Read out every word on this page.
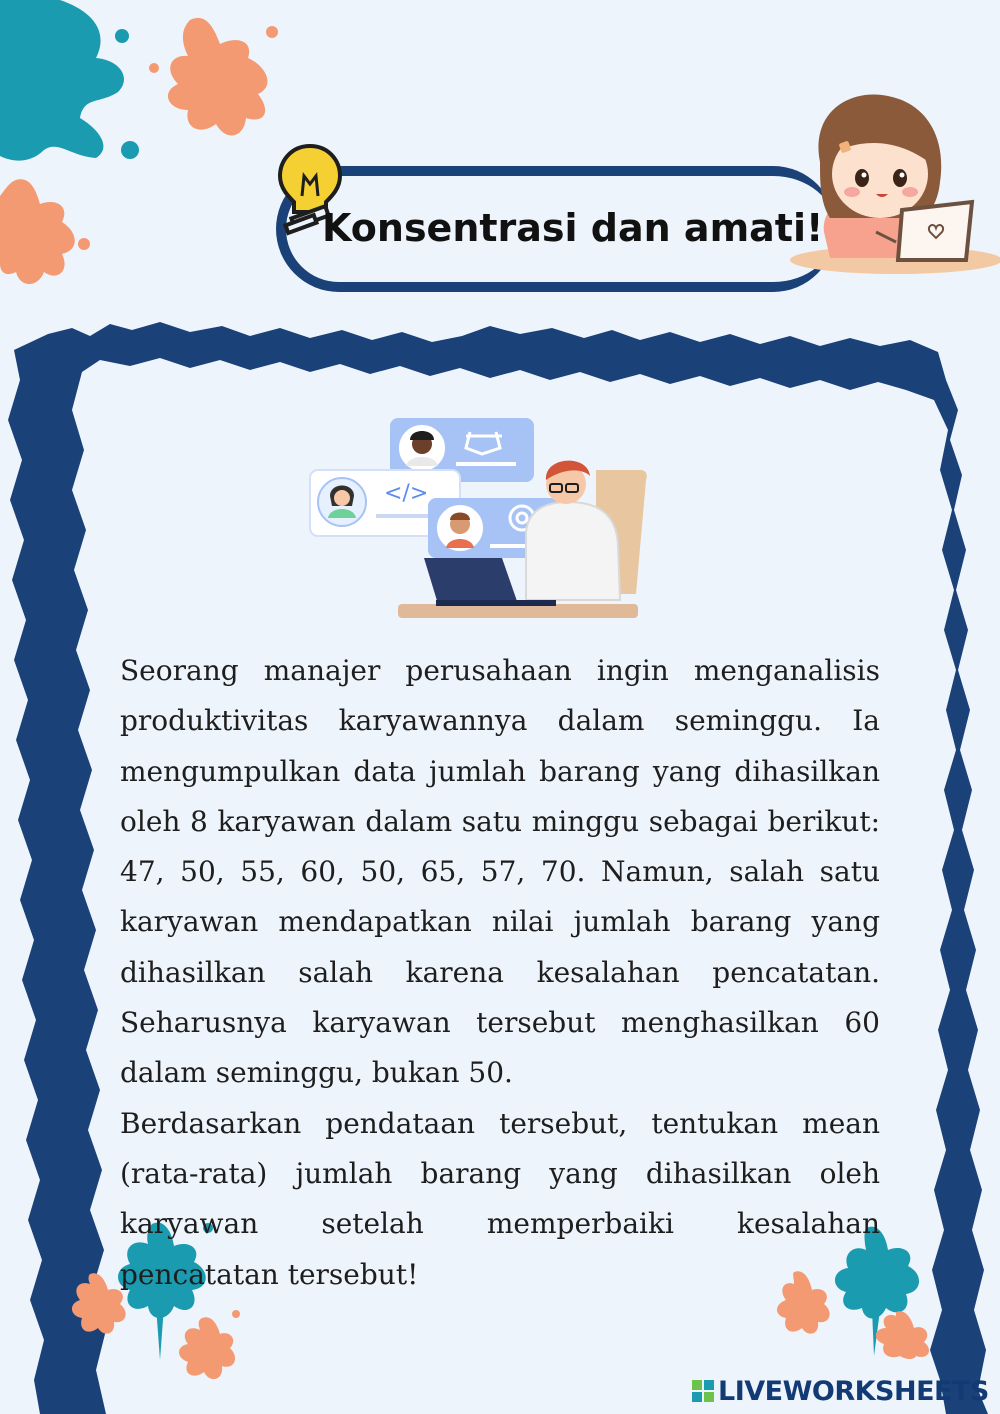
Konsentrasi dan amati!
</>

Seorang manajer perusahaan ingin menganalisis produktivitas karyawannya dalam seminggu. Ia mengumpulkan data jumlah barang yang dihasilkan oleh 8 karyawan dalam satu minggu sebagai berikut: 47, 50, 55, 60, 50, 65, 57, 70. Namun, salah satu karyawan mendapatkan nilai jumlah barang yang dihasilkan salah karena kesalahan pencatatan. Seharusnya karyawan tersebut menghasilkan 60 dalam seminggu, bukan 50.

Berdasarkan pendataan tersebut, tentukan mean (rata-rata) jumlah barang yang dihasilkan oleh karyawan setelah memperbaiki kesalahan pencatatan tersebut!

LIVEWORKSHEETS
